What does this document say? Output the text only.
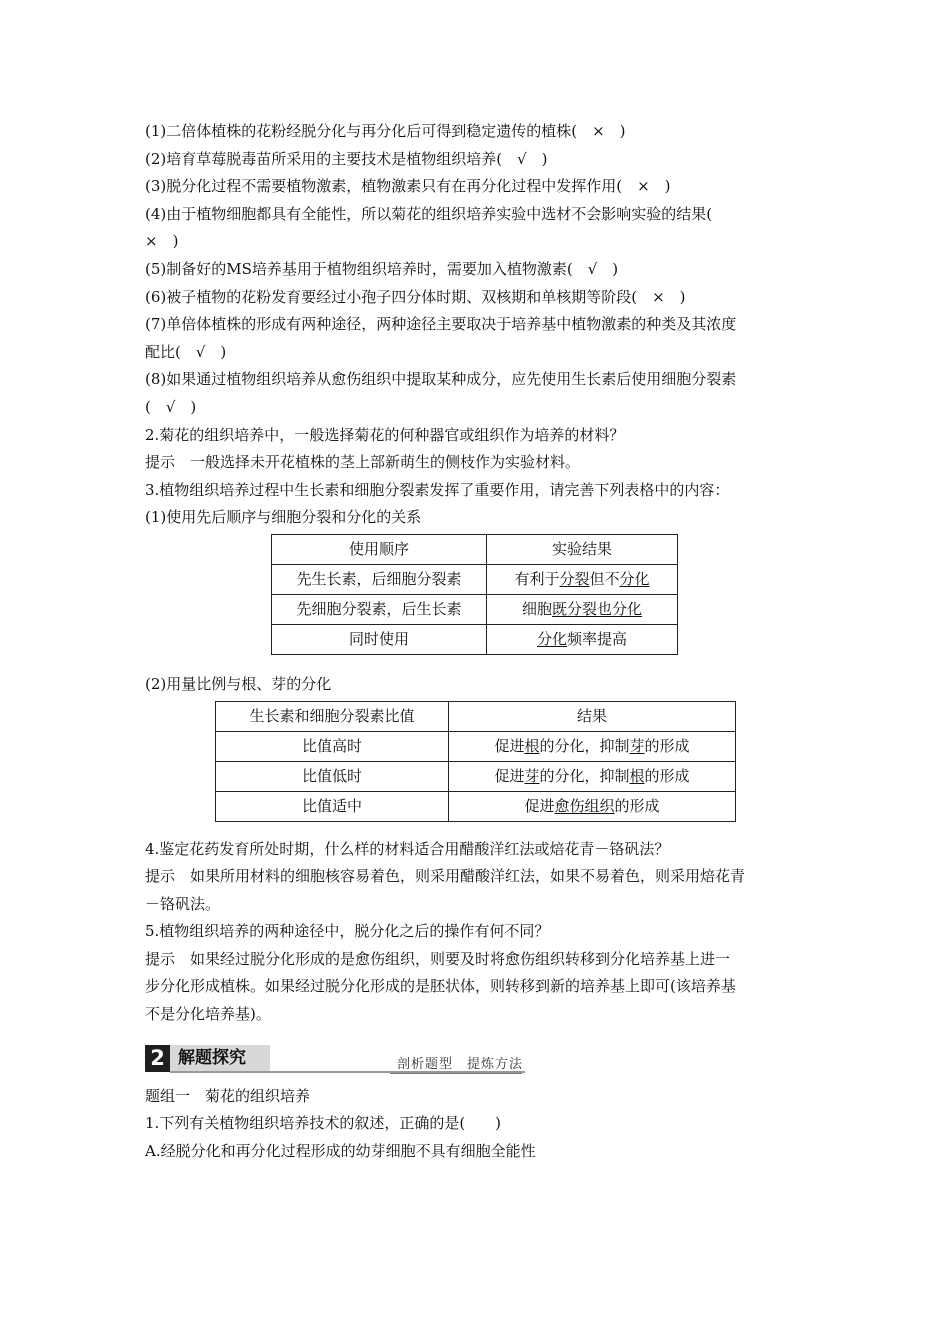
(1)二倍体植株的花粉经脱分化与再分化后可得到稳定遗传的植株(　×　)
(2)培育草莓脱毒苗所采用的主要技术是植物组织培养(　√　)
(3)脱分化过程不需要植物激素，植物激素只有在再分化过程中发挥作用(　×　)
(4)由于植物细胞都具有全能性，所以菊花的组织培养实验中选材不会影响实验的结果(
×　)
(5)制备好的MS培养基用于植物组织培养时，需要加入植物激素(　√　)
(6)被子植物的花粉发育要经过小孢子四分体时期、双核期和单核期等阶段(　×　)
(7)单倍体植株的形成有两种途径，两种途径主要取决于培养基中植物激素的种类及其浓度
配比(　√　)
(8)如果通过植物组织培养从愈伤组织中提取某种成分，应先使用生长素后使用细胞分裂素
(　√　)
2.菊花的组织培养中，一般选择菊花的何种器官或组织作为培养的材料？
提示　一般选择未开花植株的茎上部新萌生的侧枝作为实验材料。
3.植物组织培养过程中生长素和细胞分裂素发挥了重要作用，请完善下列表格中的内容：
(1)使用先后顺序与细胞分裂和分化的关系
使用顺序	实验结果
先生长素，后细胞分裂素	有利于分裂但不分化
先细胞分裂素，后生长素	细胞既分裂也分化
同时使用	分化频率提高
(2)用量比例与根、芽的分化
生长素和细胞分裂素比值	结果
比值高时	促进根的分化，抑制芽的形成
比值低时	促进芽的分化，抑制根的形成
比值适中	促进愈伤组织的形成
4.鉴定花药发育所处时期，什么样的材料适合用醋酸洋红法或焙花青－铬矾法？
提示　如果所用材料的细胞核容易着色，则采用醋酸洋红法，如果不易着色，则采用焙花青
－铬矾法。
5.植物组织培养的两种途径中，脱分化之后的操作有何不同？
提示　如果经过脱分化形成的是愈伤组织，则要及时将愈伤组织转移到分化培养基上进一
步分化形成植株。如果经过脱分化形成的是胚状体，则转移到新的培养基上即可(该培养基
不是分化培养基)。
2 解题探究	剖析题型　提炼方法
题组一　菊花的组织培养
1.下列有关植物组织培养技术的叙述，正确的是(　　)
A.经脱分化和再分化过程形成的幼芽细胞不具有细胞全能性
